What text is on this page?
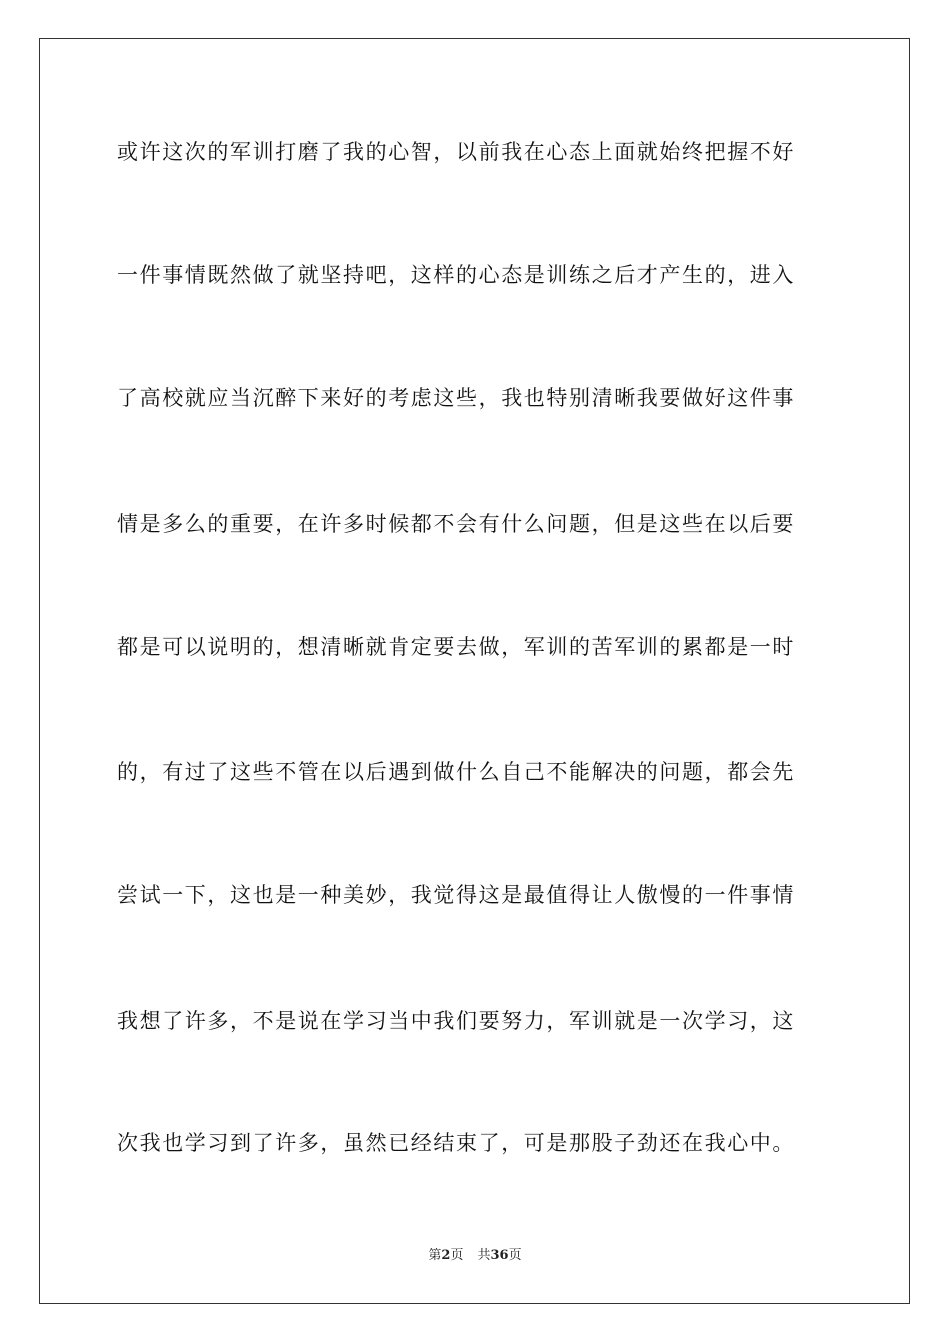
或许这次的军训打磨了我的心智，以前我在心态上面就始终把握不好
一件事情既然做了就坚持吧，这样的心态是训练之后才产生的，进入
了高校就应当沉醉下来好的考虑这些，我也特别清晰我要做好这件事
情是多么的重要，在许多时候都不会有什么问题，但是这些在以后要
都是可以说明的，想清晰就肯定要去做，军训的苦军训的累都是一时
的，有过了这些不管在以后遇到做什么自己不能解决的问题，都会先
尝试一下，这也是一种美妙，我觉得这是最值得让人傲慢的一件事情
我想了许多，不是说在学习当中我们要努力，军训就是一次学习，这
次我也学习到了许多，虽然已经结束了，可是那股子劲还在我心中。
第2页 共36页
